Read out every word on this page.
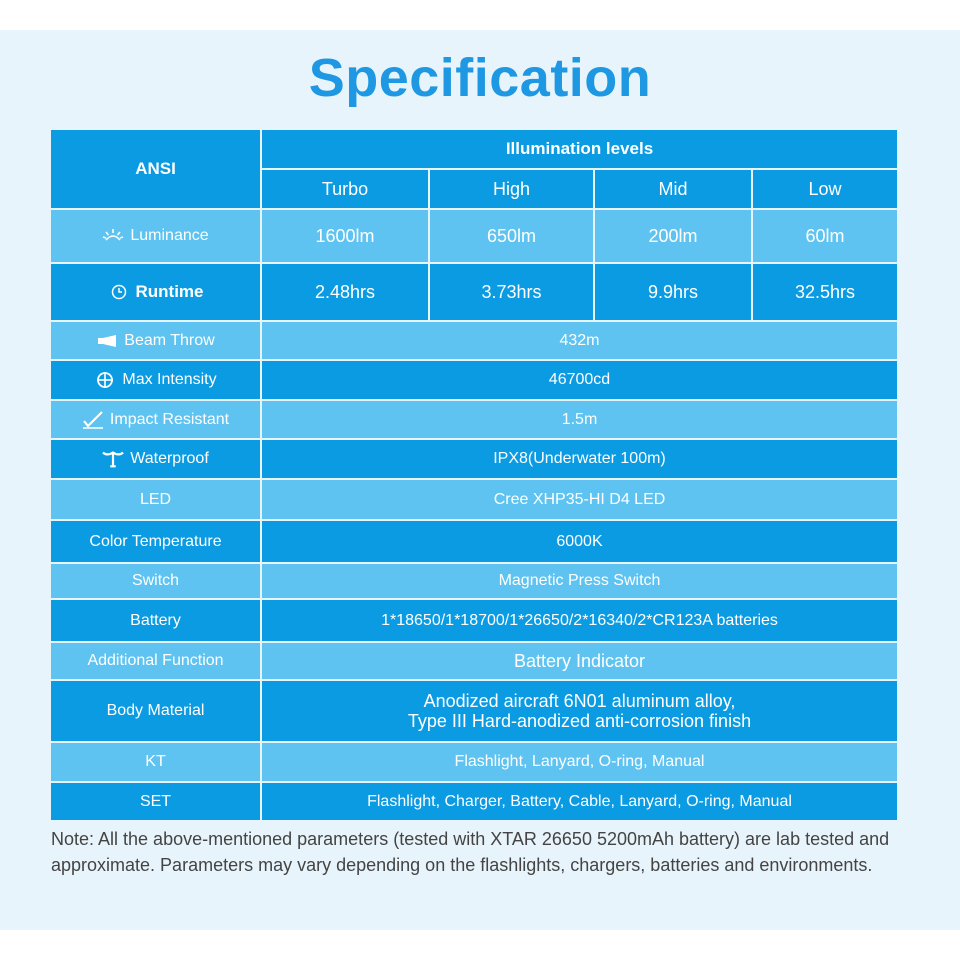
Specification
ANSI
Illumination levels
Turbo	High	Mid	Low
Luminance	1600lm	650lm	200lm	60lm
Runtime	2.48hrs	3.73hrs	9.9hrs	32.5hrs
Beam Throw	432m
Max Intensity	46700cd
Impact Resistant	1.5m
Waterproof	IPX8(Underwater 100m)
LED	Cree XHP35-HI D4 LED
Color Temperature	6000K
Switch	Magnetic Press Switch
Battery	1*18650/1*18700/1*26650/2*16340/2*CR123A batteries
Additional Function	Battery Indicator
Body Material	Anodized aircraft 6N01 aluminum alloy,
Type III Hard-anodized anti-corrosion finish
KT	Flashlight, Lanyard, O-ring, Manual
SET	Flashlight, Charger, Battery, Cable, Lanyard, O-ring, Manual
Note: All the above-mentioned parameters (tested with XTAR 26650 5200mAh battery) are lab tested and approximate. Parameters may vary depending on the flashlights, chargers, batteries and environments.
